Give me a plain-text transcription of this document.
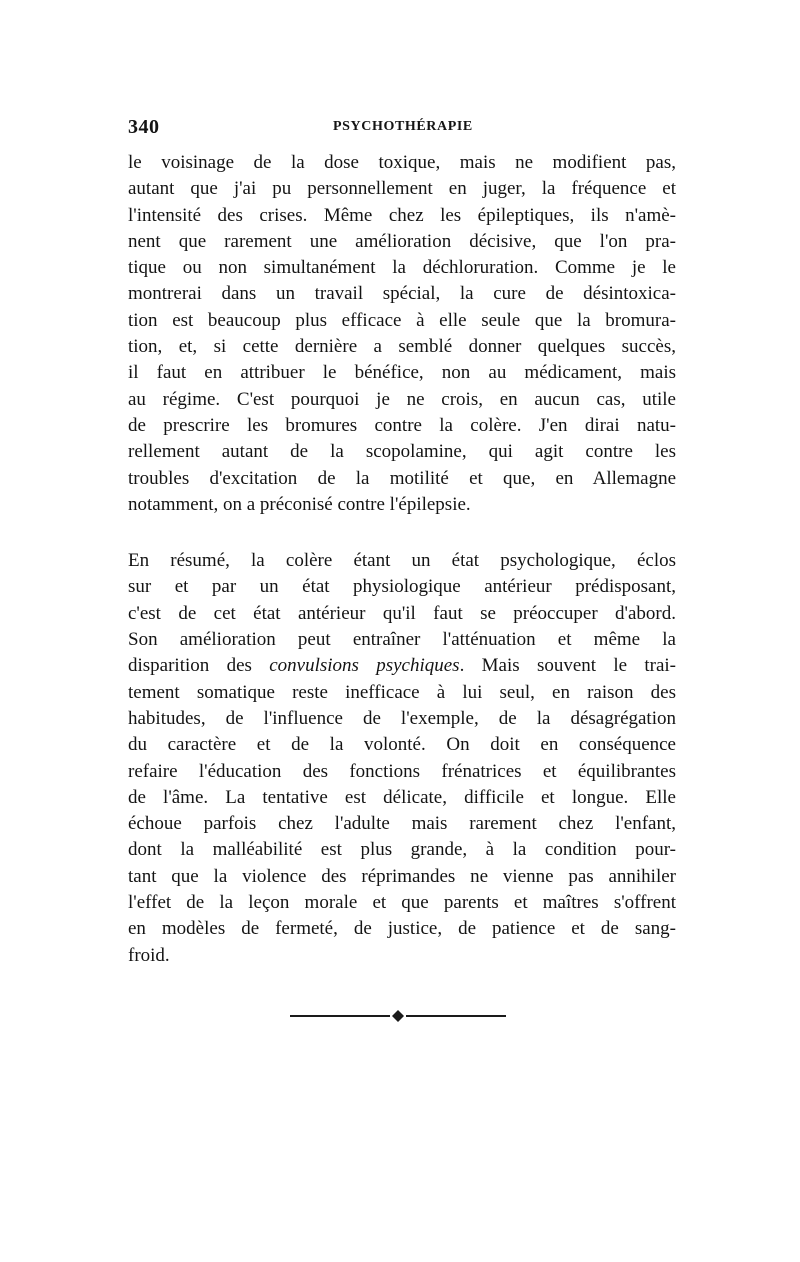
340	PSYCHOTHÉRAPIE
le voisinage de la dose toxique, mais ne modifient pas,
autant que j'ai pu personnellement en juger, la fréquence et
l'intensité des crises. Même chez les épileptiques, ils n'amè-
nent que rarement une amélioration décisive, que l'on pra-
tique ou non simultanément la déchloruration. Comme je le
montrerai dans un travail spécial, la cure de désintoxica-
tion est beaucoup plus efficace à elle seule que la bromura-
tion, et, si cette dernière a semblé donner quelques succès,
il faut en attribuer le bénéfice, non au médicament, mais
au régime. C'est pourquoi je ne crois, en aucun cas, utile
de prescrire les bromures contre la colère. J'en dirai natu-
rellement autant de la scopolamine, qui agit contre les
troubles d'excitation de la motilité et que, en Allemagne
notamment, on a préconisé contre l'épilepsie.
En résumé, la colère étant un état psychologique, éclos
sur et par un état physiologique antérieur prédisposant,
c'est de cet état antérieur qu'il faut se préoccuper d'abord.
Son amélioration peut entraîner l'atténuation et même la
disparition des convulsions psychiques. Mais souvent le trai-
tement somatique reste inefficace à lui seul, en raison des
habitudes, de l'influence de l'exemple, de la désagrégation
du caractère et de la volonté. On doit en conséquence
refaire l'éducation des fonctions frénatrices et équilibrantes
de l'âme. La tentative est délicate, difficile et longue. Elle
échoue parfois chez l'adulte mais rarement chez l'enfant,
dont la malléabilité est plus grande, à la condition pour-
tant que la violence des réprimandes ne vienne pas annihiler
l'effet de la leçon morale et que parents et maîtres s'offrent
en modèles de fermeté, de justice, de patience et de sang-
froid.
